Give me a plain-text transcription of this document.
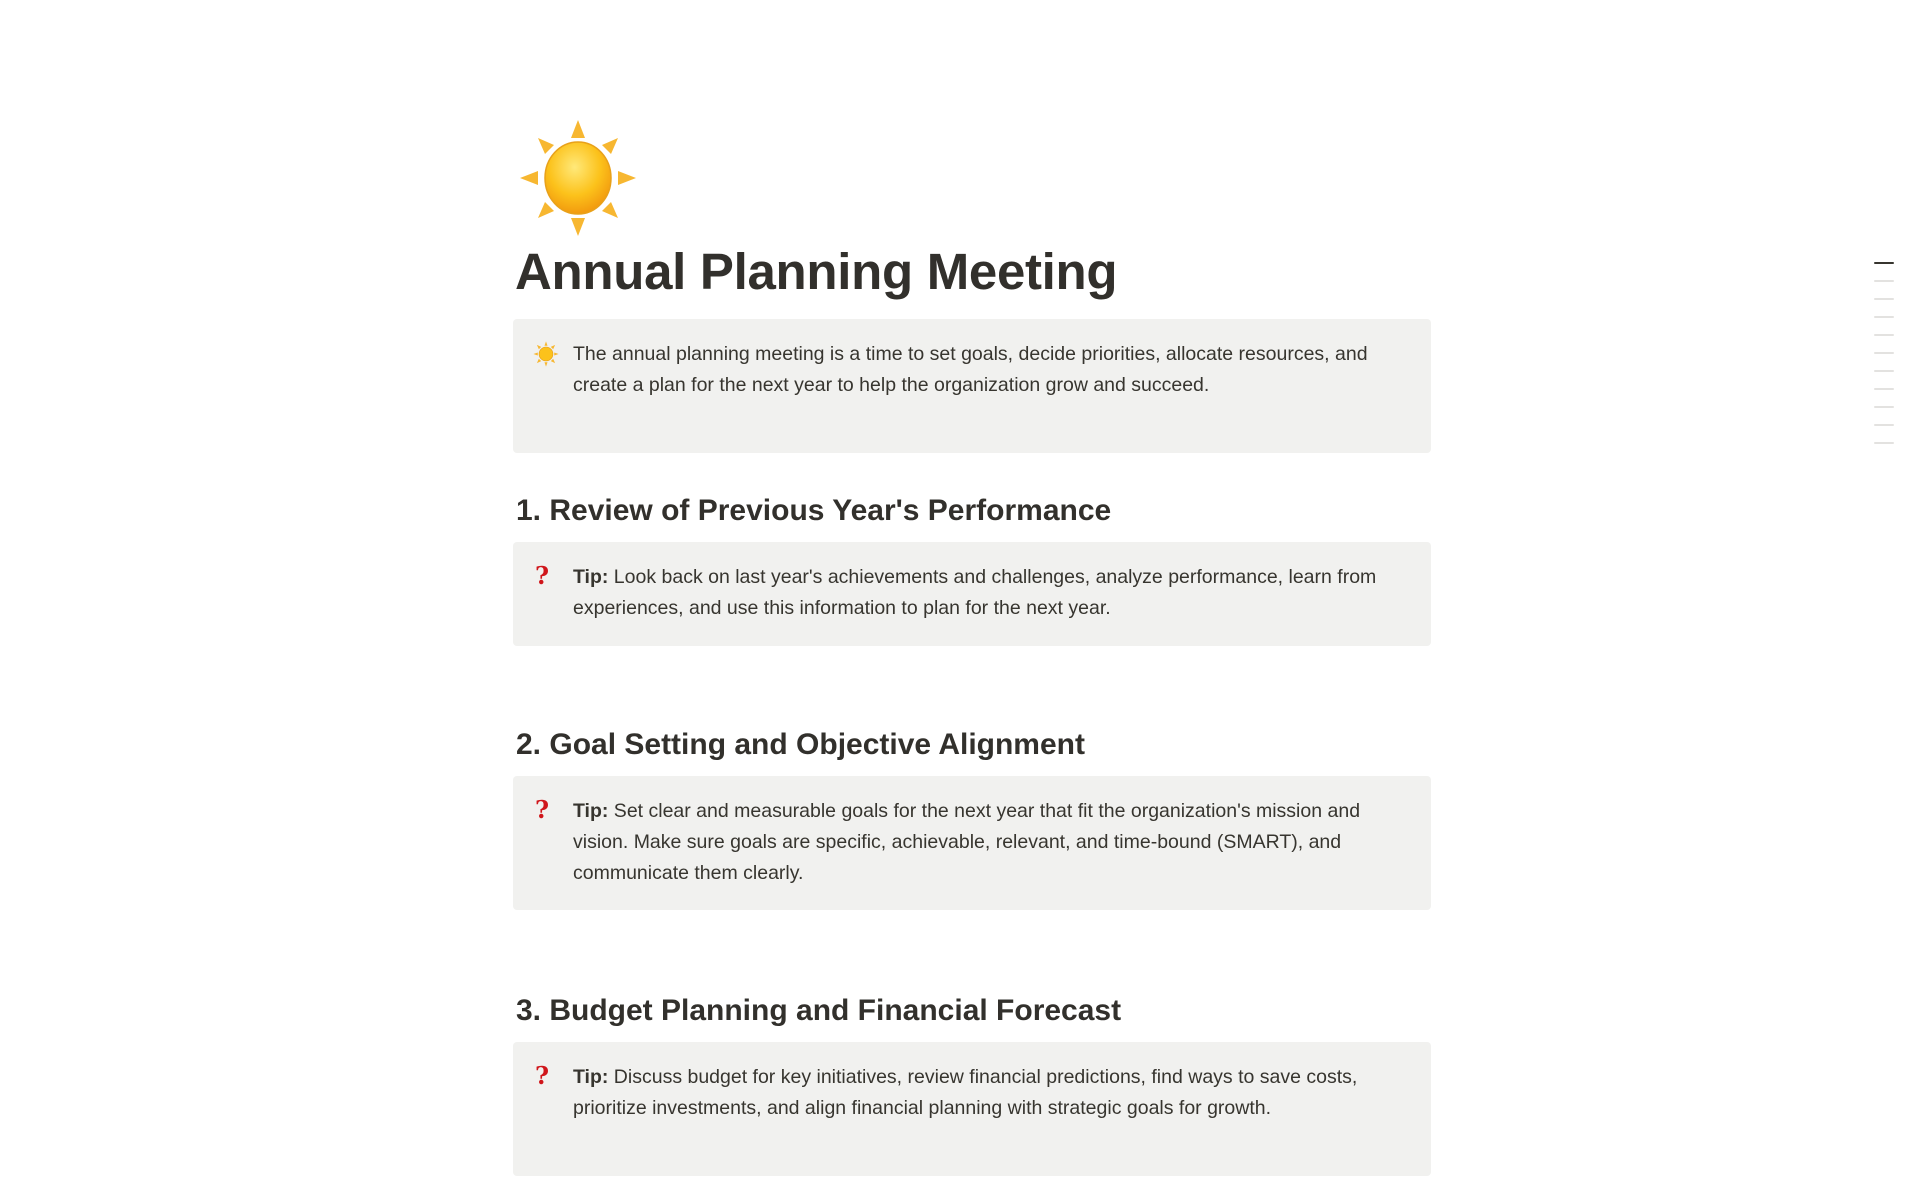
Annual Planning Meeting
The annual planning meeting is a time to set goals, decide priorities, allocate resources, and create a plan for the next year to help the organization grow and succeed.
1. Review of Previous Year's Performance
? Tip: Look back on last year's achievements and challenges, analyze performance, learn from experiences, and use this information to plan for the next year.
2. Goal Setting and Objective Alignment
? Tip: Set clear and measurable goals for the next year that fit the organization's mission and vision. Make sure goals are specific, achievable, relevant, and time-bound (SMART), and communicate them clearly.
3. Budget Planning and Financial Forecast
? Tip: Discuss budget for key initiatives, review financial predictions, find ways to save costs, prioritize investments, and align financial planning with strategic goals for growth.
